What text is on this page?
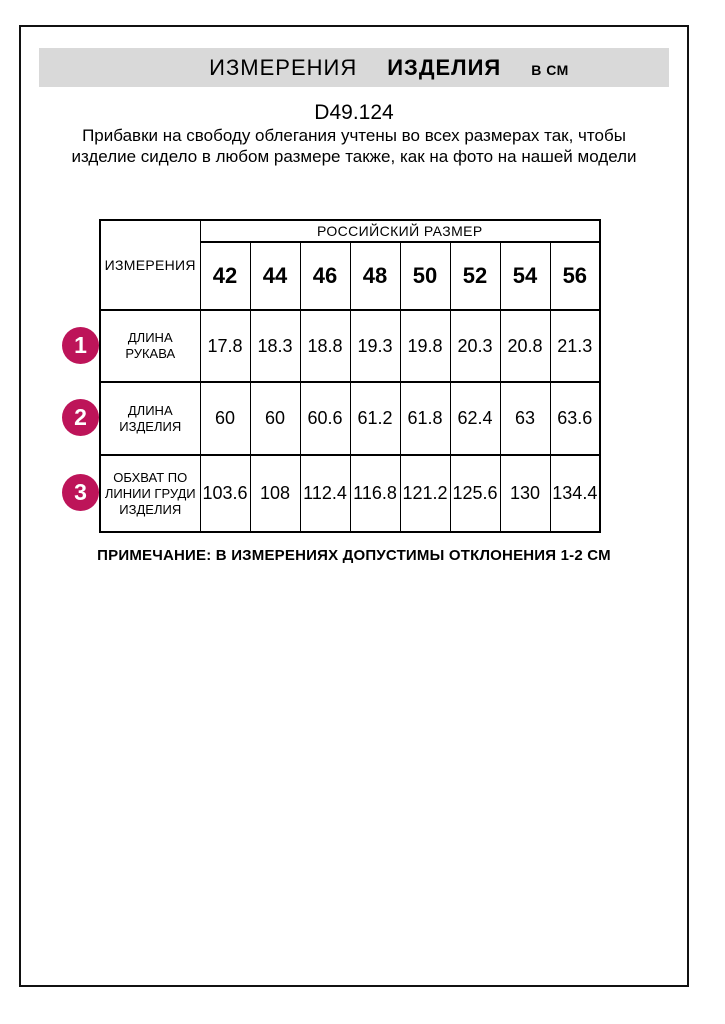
ИЗМЕРЕНИЯ ИЗДЕЛИЯ В СМ
D49.124

Прибавки на свободу облегания учтены во всех размерах так, чтобы изделие сидело в любом размере также, как на фото на нашей модели

1
2
3
ИЗМЕРЕНИЯ	РОССИЙСКИЙ РАЗМЕР							
	42	44	46	48	50	52	54	56
ДЛИНА РУКАВА	17.8	18.3	18.8	19.3	19.8	20.3	20.8	21.3
ДЛИНА ИЗДЕЛИЯ	60	60	60.6	61.2	61.8	62.4	63	63.6
ОБХВАТ ПО ЛИНИИ ГРУДИ ИЗДЕЛИЯ	103.6	108	112.4	116.8	121.2	125.6	130	134.4
ПРИМЕЧАНИЕ: В ИЗМЕРЕНИЯХ ДОПУСТИМЫ ОТКЛОНЕНИЯ 1-2 СМ
